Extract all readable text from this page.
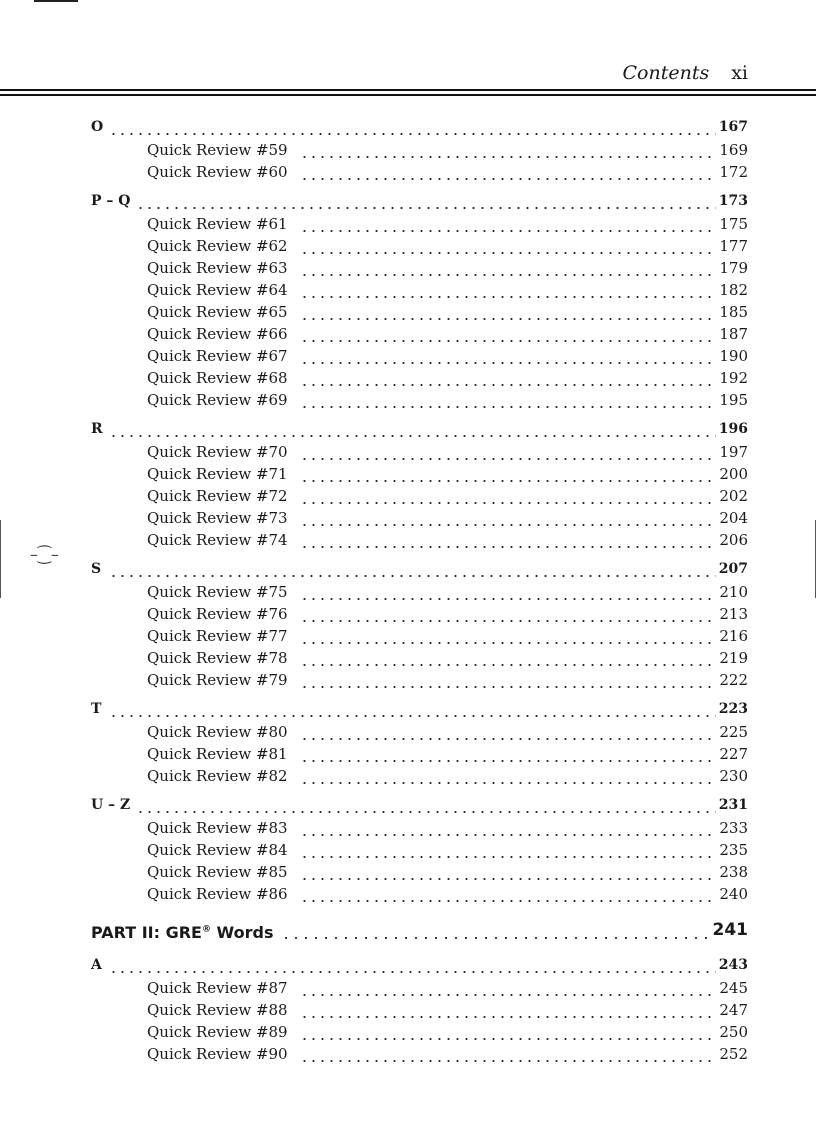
Contents xi
–⁐–
O	167
Quick Review #59	169
Quick Review #60	172
P – Q	173
Quick Review #61	175
Quick Review #62	177
Quick Review #63	179
Quick Review #64	182
Quick Review #65	185
Quick Review #66	187
Quick Review #67	190
Quick Review #68	192
Quick Review #69	195
R	196
Quick Review #70	197
Quick Review #71	200
Quick Review #72	202
Quick Review #73	204
Quick Review #74	206
S	207
Quick Review #75	210
Quick Review #76	213
Quick Review #77	216
Quick Review #78	219
Quick Review #79	222
T	223
Quick Review #80	225
Quick Review #81	227
Quick Review #82	230
U – Z	231
Quick Review #83	233
Quick Review #84	235
Quick Review #85	238
Quick Review #86	240
PART II: GRE® Words	241
A	243
Quick Review #87	245
Quick Review #88	247
Quick Review #89	250
Quick Review #90	252
